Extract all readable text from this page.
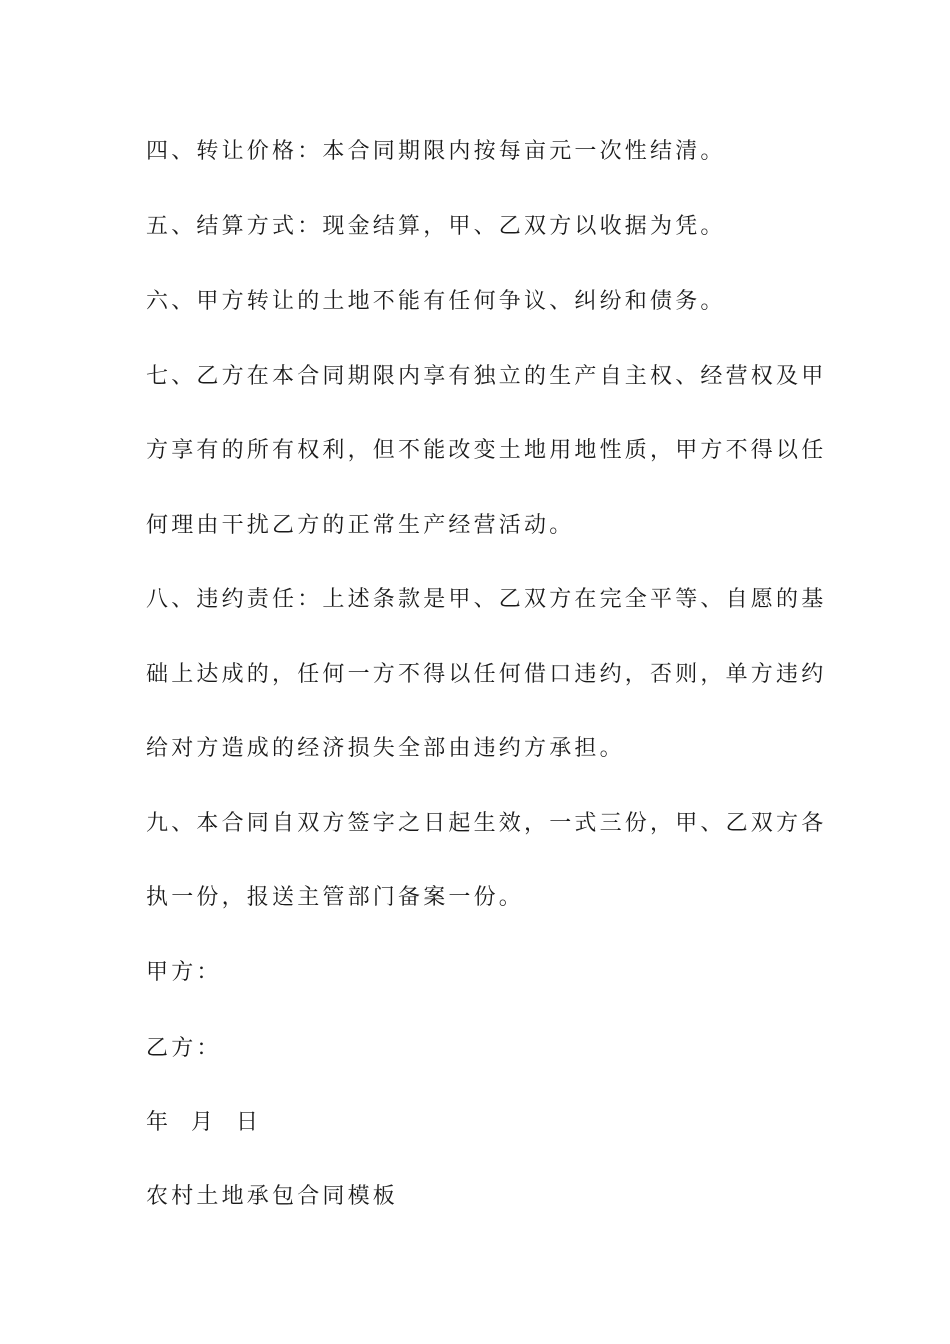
四、转让价格：本合同期限内按每亩元一次性结清。
五、结算方式：现金结算，甲、乙双方以收据为凭。
六、甲方转让的土地不能有任何争议、纠纷和债务。
七、乙方在本合同期限内享有独立的生产自主权、经营权及甲
方享有的所有权利，但不能改变土地用地性质，甲方不得以任
何理由干扰乙方的正常生产经营活动。
八、违约责任：上述条款是甲、乙双方在完全平等、自愿的基
础上达成的，任何一方不得以任何借口违约，否则，单方违约
给对方造成的经济损失全部由违约方承担。
九、本合同自双方签字之日起生效，一式三份，甲、乙双方各
执一份，报送主管部门备案一份。
甲方：
乙方：
年  月  日
农村土地承包合同模板
